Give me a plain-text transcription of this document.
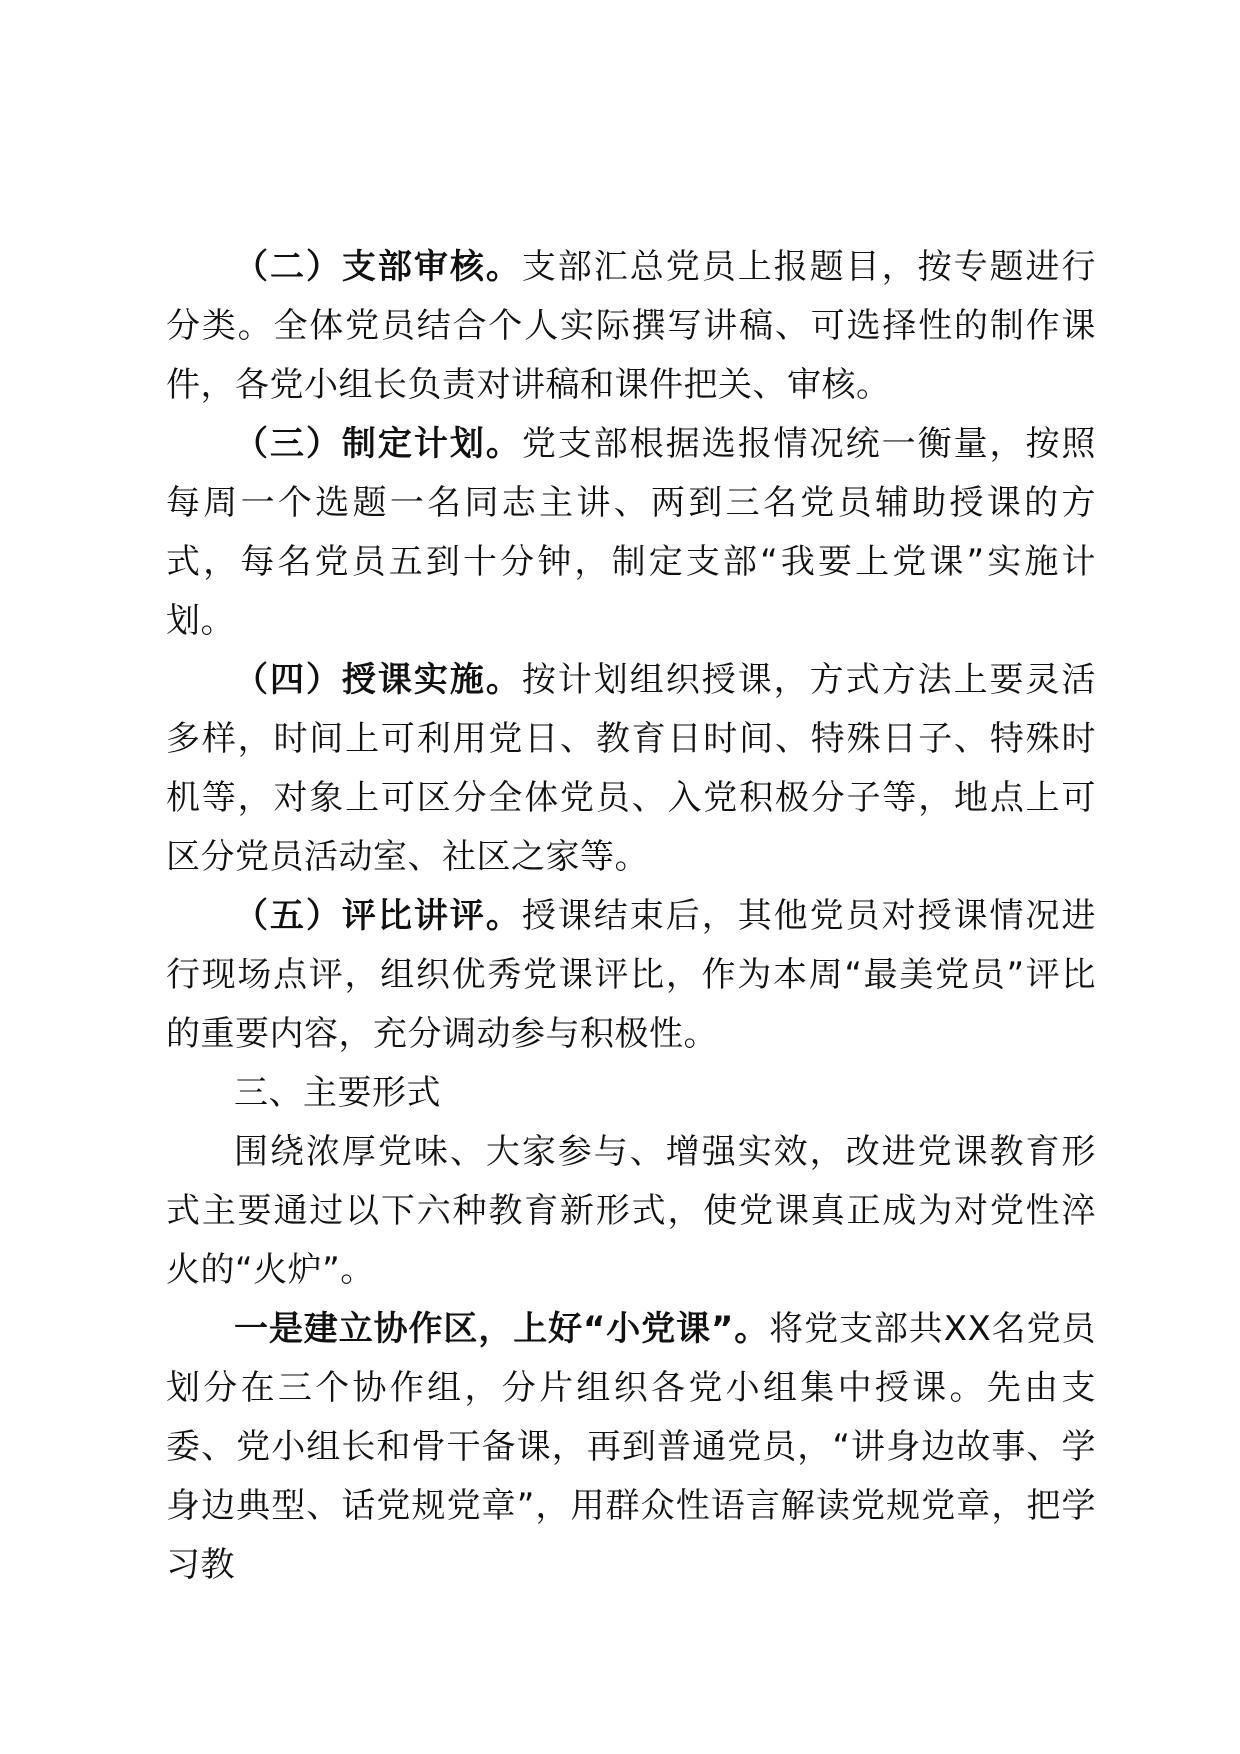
（二）支部审核。支部汇总党员上报题目，按专题进行分类。全体党员结合个人实际撰写讲稿、可选择性的制作课件，各党小组长负责对讲稿和课件把关、审核。

（三）制定计划。党支部根据选报情况统一衡量，按照每周一个选题一名同志主讲、两到三名党员辅助授课的方式，每名党员五到十分钟，制定支部“我要上党课”实施计划。

（四）授课实施。按计划组织授课，方式方法上要灵活多样，时间上可利用党日、教育日时间、特殊日子、特殊时机等，对象上可区分全体党员、入党积极分子等，地点上可区分党员活动室、社区之家等。

（五）评比讲评。授课结束后，其他党员对授课情况进行现场点评，组织优秀党课评比，作为本周“最美党员”评比的重要内容，充分调动参与积极性。

三、主要形式

围绕浓厚党味、大家参与、增强实效，改进党课教育形式主要通过以下六种教育新形式，使党课真正成为对党性淬火的“火炉”。

一是建立协作区，上好“小党课”。将党支部共XX名党员划分在三个协作组，分片组织各党小组集中授课。先由支委、党小组长和骨干备课，再到普通党员，“讲身边故事、学身边典型、话党规党章”，用群众性语言解读党规党章，把学习教
